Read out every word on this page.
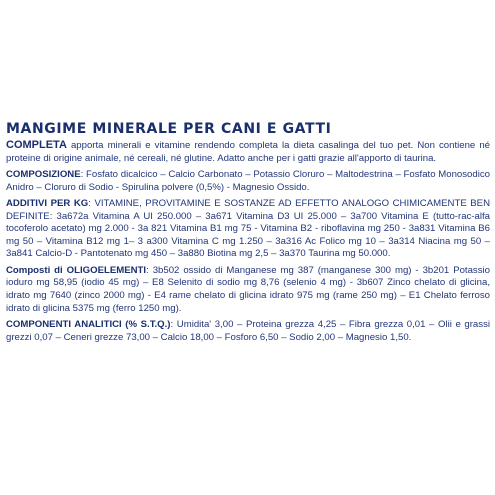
MANGIME MINERALE PER CANI E GATTI

COMPLETA apporta minerali e vitamine rendendo completa la dieta casalinga del tuo pet. Non contiene né proteine di origine animale, né cereali, né glutine. Adatto anche per i gatti grazie all'apporto di taurina.

COMPOSIZIONE: Fosfato dicalcico – Calcio Carbonato – Potassio Cloruro – Maltodestrina – Fosfato Monosodico Anidro – Cloruro di Sodio - Spirulina polvere (0,5%) - Magnesio Ossido.

ADDITIVI PER KG: VITAMINE, PROVITAMINE E SOSTANZE AD EFFETTO ANALOGO CHIMICAMENTE BEN DEFINITE: 3a672a Vitamina A UI 250.000 – 3a671 Vitamina D3 UI 25.000 – 3a700 Vitamina E (tutto-rac-alfa tocoferolo acetato) mg 2.000 - 3a 821 Vitamina B1 mg 75 - Vitamina B2 - riboflavina mg 250 - 3a831 Vitamina B6 mg 50 – Vitamina B12 mg 1– 3 a300 Vitamina C mg 1.250 – 3a316 Ac Folico mg 10 – 3a314 Niacina mg 50 – 3a841 Calcio-D - Pantotenato mg 450 – 3a880 Biotina mg 2,5 – 3a370 Taurina mg 50.000.

Composti di OLIGOELEMENTI: 3b502 ossido di Manganese mg 387 (manganese 300 mg) - 3b201 Potassio ioduro mg 58,95 (iodio 45 mg) – E8 Selenito di sodio mg 8,76 (selenio 4 mg) - 3b607 Zinco chelato di glicina, idrato mg 7640 (zinco 2000 mg) - E4 rame chelato di glicina idrato 975 mg (rame 250 mg) – E1 Chelato ferroso idrato di glicina 5375 mg (ferro 1250 mg).

COMPONENTI ANALITICI (% S.T.Q.): Umidita' 3,00 – Proteina grezza 4,25 – Fibra grezza 0,01 – Olii e grassi grezzi 0,07 – Ceneri grezze 73,00 – Calcio 18,00 – Fosforo 6,50 – Sodio 2,00 – Magnesio 1,50.
